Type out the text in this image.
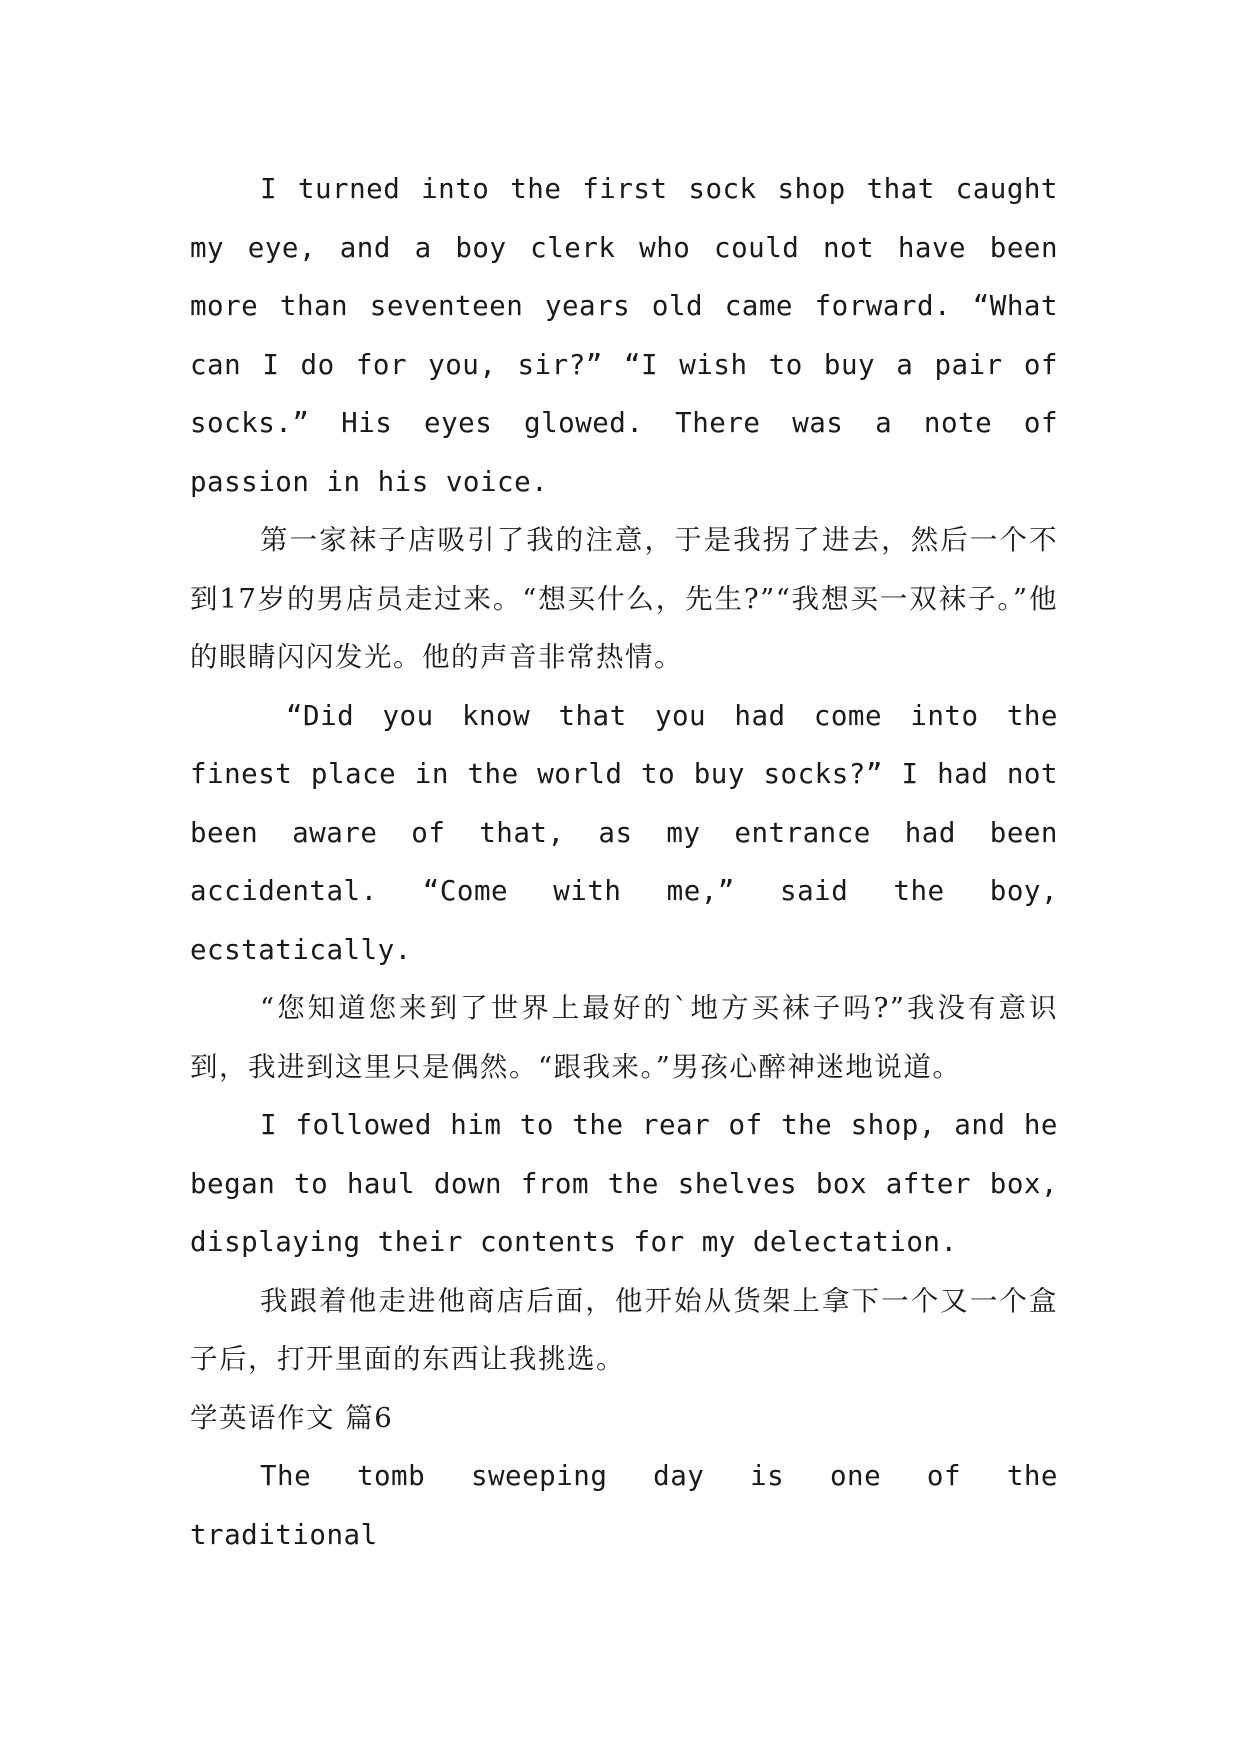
I turned into the first sock shop that caught my eye, and a boy clerk who could not have been more than seventeen years old came forward. “What can I do for you, sir?” “I wish to buy a pair of socks.” His eyes glowed. There was a note of passion in his voice.

第一家袜子店吸引了我的注意，于是我拐了进去，然后一个不到17岁的男店员走过来。“想买什么，先生?”“我想买一双袜子。”他的眼睛闪闪发光。他的声音非常热情。

“Did you know that you had come into the finest place in the world to buy socks?” I had not been aware of that, as my entrance had been accidental. “Come with me,” said the boy, ecstatically.

“您知道您来到了世界上最好的`地方买袜子吗?”我没有意识到，我进到这里只是偶然。“跟我来。”男孩心醉神迷地说道。

I followed him to the rear of the shop, and he began to haul down from the shelves box after box, displaying their contents for my delectation.

我跟着他走进他商店后面，他开始从货架上拿下一个又一个盒子后，打开里面的东西让我挑选。

学英语作文 篇6

The tomb sweeping day is one of the traditional
